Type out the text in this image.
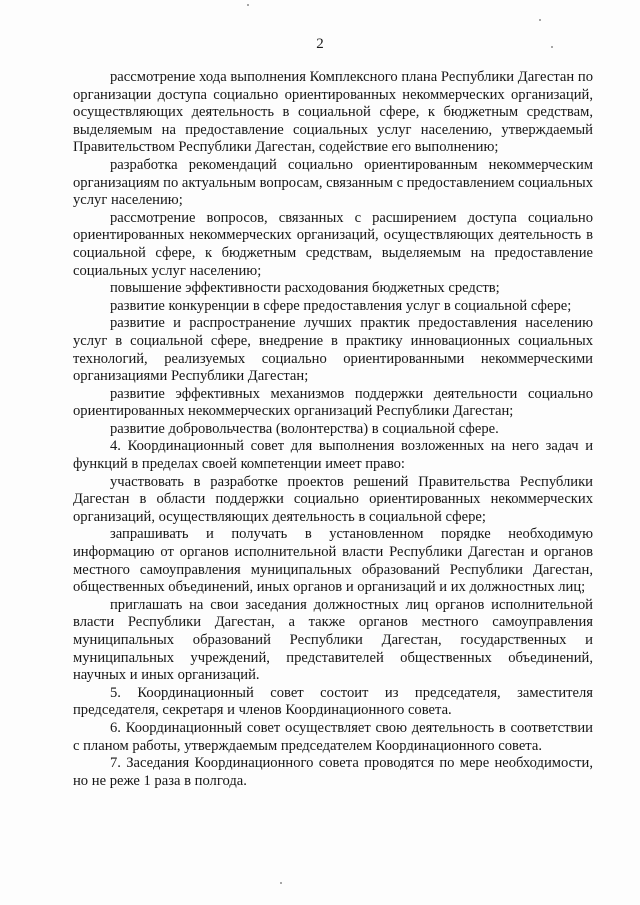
2

рассмотрение хода выполнения Комплексного плана Республики Дагестан по организации доступа социально ориентированных некоммерческих организаций, осуществляющих деятельность в социальной сфере, к бюджетным средствам, выделяемым на предоставление социальных услуг населению, утверждаемый Правительством Республики Дагестан, содействие его выполнению;

разработка рекомендаций социально ориентированным некоммерческим организациям по актуальным вопросам, связанным с предоставлением социальных услуг населению;

рассмотрение вопросов, связанных с расширением доступа социально ориентированных некоммерческих организаций, осуществляющих деятельность в социальной сфере, к бюджетным средствам, выделяемым на предоставление социальных услуг населению;

повышение эффективности расходования бюджетных средств;

развитие конкуренции в сфере предоставления услуг в социальной сфере;

развитие и распространение лучших практик предоставления населению услуг в социальной сфере, внедрение в практику инновационных социальных технологий, реализуемых социально ориентированными некоммерческими организациями Республики Дагестан;

развитие эффективных механизмов поддержки деятельности социально ориентированных некоммерческих организаций Республики Дагестан;

развитие добровольчества (волонтерства) в социальной сфере.

4. Координационный совет для выполнения возложенных на него задач и функций в пределах своей компетенции имеет право:

участвовать в разработке проектов решений Правительства Республики Дагестан в области поддержки социально ориентированных некоммерческих организаций, осуществляющих деятельность в социальной сфере;

запрашивать и получать в установленном порядке необходимую информацию от органов исполнительной власти Республики Дагестан и органов местного самоуправления муниципальных образований Республики Дагестан, общественных объединений, иных органов и организаций и их должностных лиц;

приглашать на свои заседания должностных лиц органов исполнительной власти Республики Дагестан, а также органов местного самоуправления муниципальных образований Республики Дагестан, государственных и муниципальных учреждений, представителей общественных объединений, научных и иных организаций.

5. Координационный совет состоит из председателя, заместителя председателя, секретаря и членов Координационного совета.

6. Координационный совет осуществляет свою деятельность в соответствии с планом работы, утверждаемым председателем Координационного совета.

7. Заседания Координационного совета проводятся по мере необходимости, но не реже 1 раза в полгода.
